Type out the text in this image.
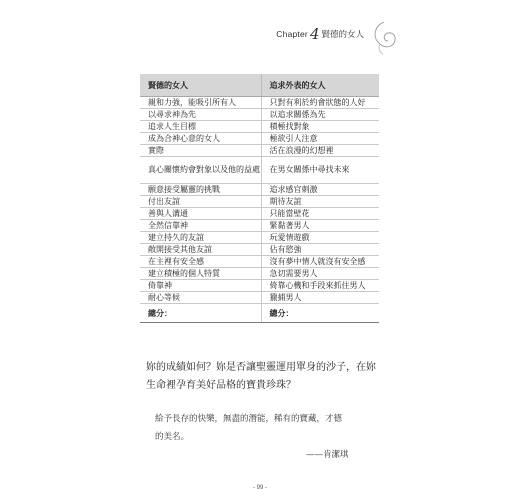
Chapter 4 賢德的女人
賢德的女人	追求外表的女人
親和力強，能吸引所有人	只對有利於約會狀態的人好
以尋求神為先	以追求關係為先
追求人生目標	積極找對象
成為合神心意的女人	極欲引人注意
實際	活在浪漫的幻想裡
真心關懷約會對象以及他的益處	在男女關係中尋找未來
願意接受屬靈的挑戰	追求感官刺激
付出友誼	期待友誼
善與人溝通	只能當壁花
全然信靠神	緊黏著男人
建立持久的友誼	玩愛情遊戲
敞開接受其他友誼	佔有慾強
在主裡有安全感	沒有夢中情人就沒有安全感
建立積極的個人特質	急切需要男人
倚靠神	倚靠心機和手段來抓住男人
耐心等候	獵捕男人
總分：	總分：
妳的成績如何？妳是否讓聖靈運用單身的沙子，在妳
生命裡孕育美好品格的寶貴珍珠？
給予長存的快樂，無盡的潛能，稀有的寶藏，才德
的美名。
——肯潔琪
- 99 -
